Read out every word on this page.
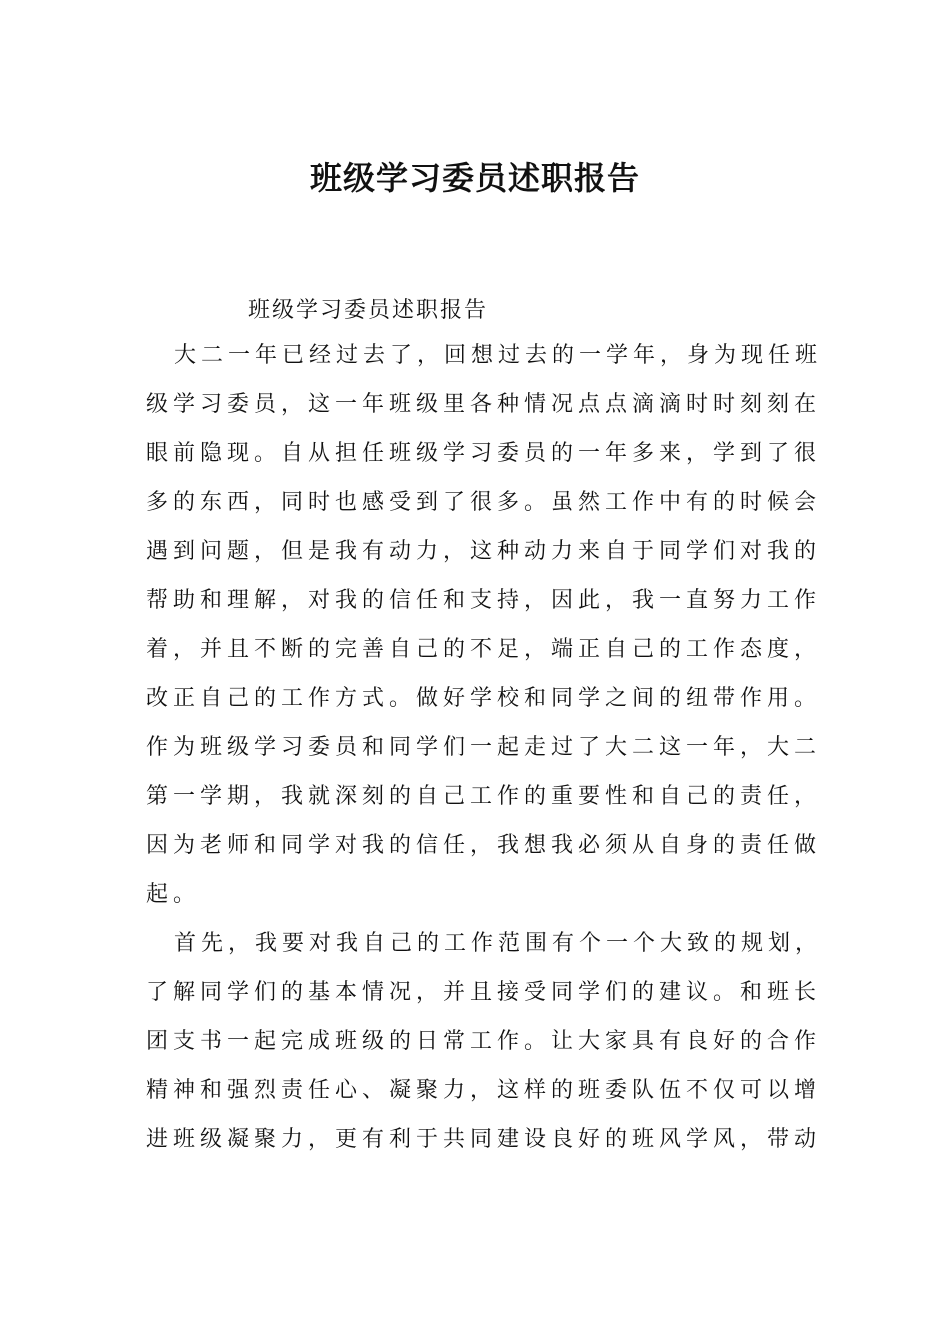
班级学习委员述职报告

班级学习委员述职报告

大二一年已经过去了，回想过去的一学年，身为现任班
级学习委员，这一年班级里各种情况点点滴滴时时刻刻在
眼前隐现。自从担任班级学习委员的一年多来，学到了很
多的东西，同时也感受到了很多。虽然工作中有的时候会
遇到问题，但是我有动力，这种动力来自于同学们对我的
帮助和理解，对我的信任和支持，因此，我一直努力工作
着，并且不断的完善自己的不足，端正自己的工作态度，
改正自己的工作方式。做好学校和同学之间的纽带作用。
作为班级学习委员和同学们一起走过了大二这一年，大二
第一学期，我就深刻的自己工作的重要性和自己的责任，
因为老师和同学对我的信任，我想我必须从自身的责任做
起。

首先，我要对我自己的工作范围有个一个大致的规划，
了解同学们的基本情况，并且接受同学们的建议。和班长
团支书一起完成班级的日常工作。让大家具有良好的合作
精神和强烈责任心、凝聚力，这样的班委队伍不仅可以增
进班级凝聚力，更有利于共同建设良好的班风学风，带动
